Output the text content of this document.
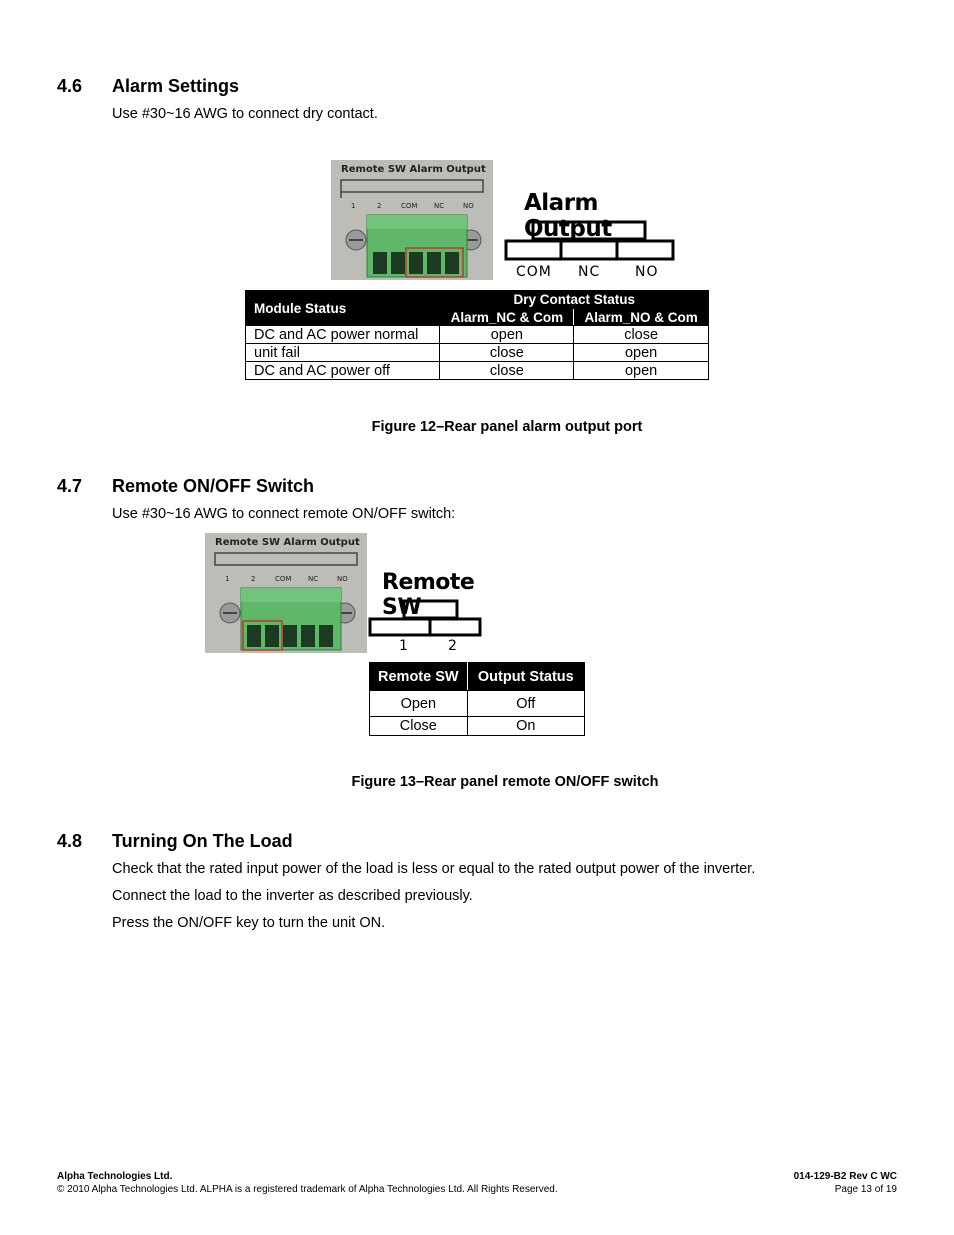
4.6 Alarm Settings
Use #30~16 AWG to connect dry contact.
Remote SW Alarm Output
1	2	COM NC	NO Alarm Output
COM NC NO
Module Status	Dry Contact Status	
	Alarm_NC & Com	Alarm_NO & Com
DC and AC power normal	open	close
unit fail	close	open
DC and AC power off	close	open
Figure 12–Rear panel alarm output port
4.7 Remote ON/OFF Switch
Use #30~16 AWG to connect remote ON/OFF switch:
Remote SW Alarm Output
1	2	COM NC	NO Remote SW
1	2
Remote SW	Output Status
Open	Off
Close	On
Figure 13–Rear panel remote ON/OFF switch
4.8 Turning On The Load
Check that the rated input power of the load is less or equal to the rated output power of the inverter.
Connect the load to the inverter as described previously.
Press the ON/OFF key to turn the unit ON.
Alpha Technologies Ltd.
© 2010 Alpha Technologies Ltd. ALPHA is a registered trademark of Alpha Technologies Ltd. All Rights Reserved.
014-129-B2 Rev C WC
Page 13 of 19
